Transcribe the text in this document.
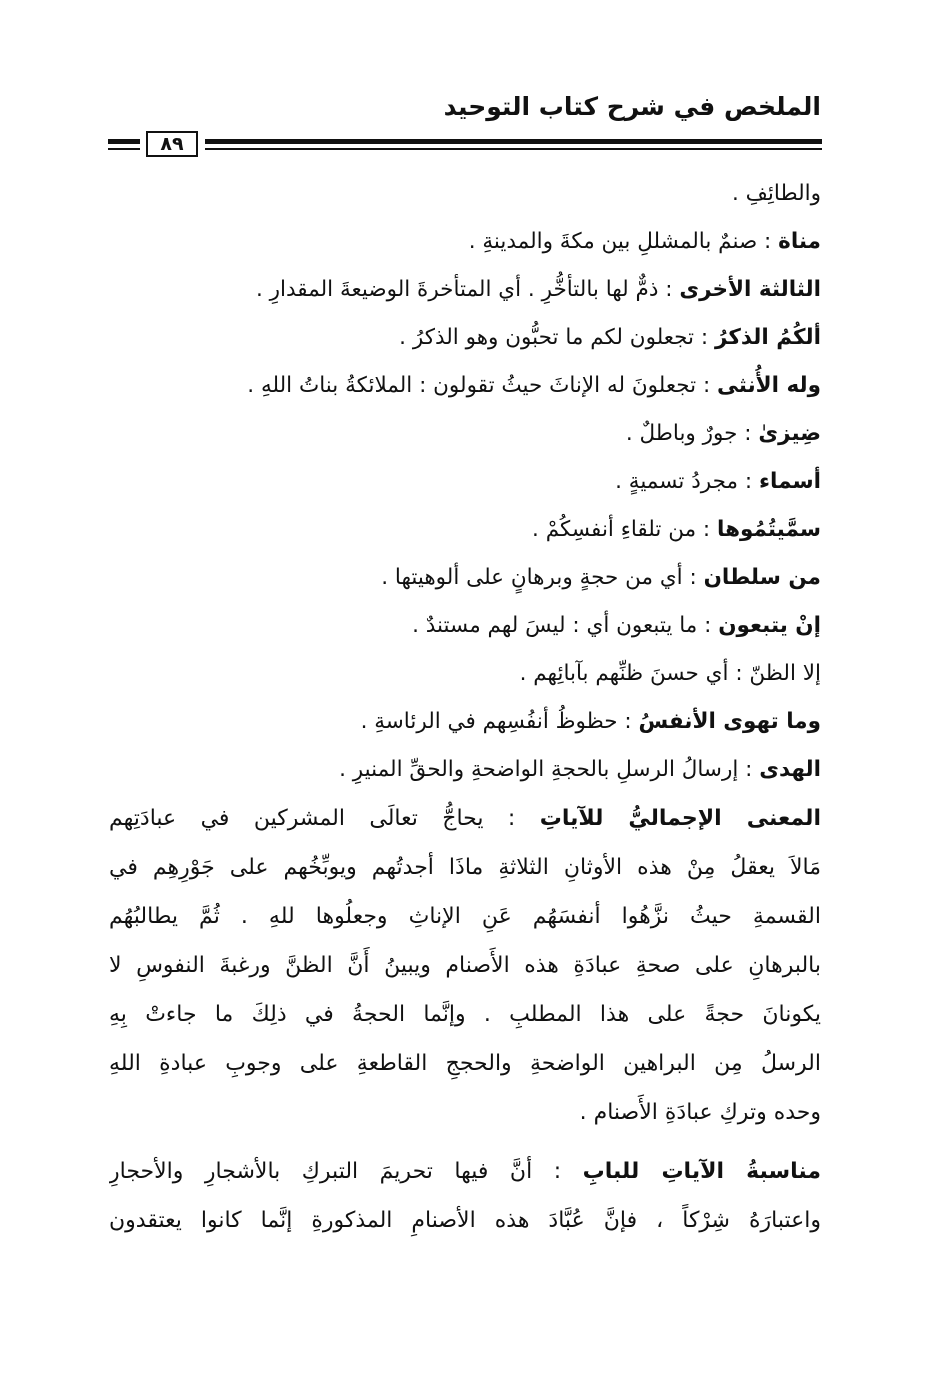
الملخص في شرح كتاب التوحيد
٨٩
والطائِفِ .
مناة : صنمٌ بالمشللِ بين مكةَ والمدينةِ .
الثالثة الأخرى : ذمٌّ لها بالتأخُّرِ . أي المتأخرةَ الوضيعةَ المقدارِ .
ألكُمُ الذكرُ : تجعلون لكم ما تحبُّون وهو الذكرُ .
وله الأُنثى : تجعلونَ له الإناثَ حيثُ تقولون : الملائكةُ بناتُ اللهِ .
ضِيزىٰ : جورٌ وباطلٌ .
أسماء : مجردُ تسميةٍ .
سمَّيتُمُوها : من تلقاءِ أنفسِكُمْ .
من سلطان : أي من حجةٍ وبرهانٍ على ألوهيتها .
إنْ يتبعون : ما يتبعون أي : ليسَ لهم مستندٌ .
إلا الظنّ : أي حسنَ ظنِّهم بآبائِهم .
وما تهوى الأنفسُ : حظوظُ أنفُسِهم في الرئاسةِ .
الهدى : إرسالُ الرسلِ بالحجةِ الواضحةِ والحقِّ المنيرِ .
المعنى الإجماليُّ للآياتِ : يحاجُّ تعالَى المشركين في عبادَتِهم
مَالاَ يعقلُ مِنْ هذه الأوثانِ الثلاثةِ ماذَا أجدتُهم ويوبِّخُهم على جَوْرِهِم في
القسمةِ حيثُ نزَّهُوا أنفسَهُم عَنِ الإناثِ وجعلُوها للهِ . ثُمَّ يطالبُهُم
بالبرهانِ على صحةِ عبادَةِ هذه الأَصنام ويبينُ أَنَّ الظنَّ ورغبةَ النفوسِ لا
يكونانَ حجةً على هذا المطلبِ . وإنَّما الحجةُ في ذلِكَ ما جاءتْ بِهِ
الرسلُ مِن البراهين الواضحةِ والحججِ القاطعةِ على وجوبِ عبادةِ اللهِ
وحده وتركِ عبادَةِ الأَصنام .
مناسبةُ الآياتِ للبابِ : أنَّ فيها تحريمَ التبركِ بالأشجارِ والأحجارِ
واعتبارَهُ شِرْكاً ، فإنَّ عُبَّادَ هذه الأصنامِ المذكورةِ إنَّما كانوا يعتقدون
